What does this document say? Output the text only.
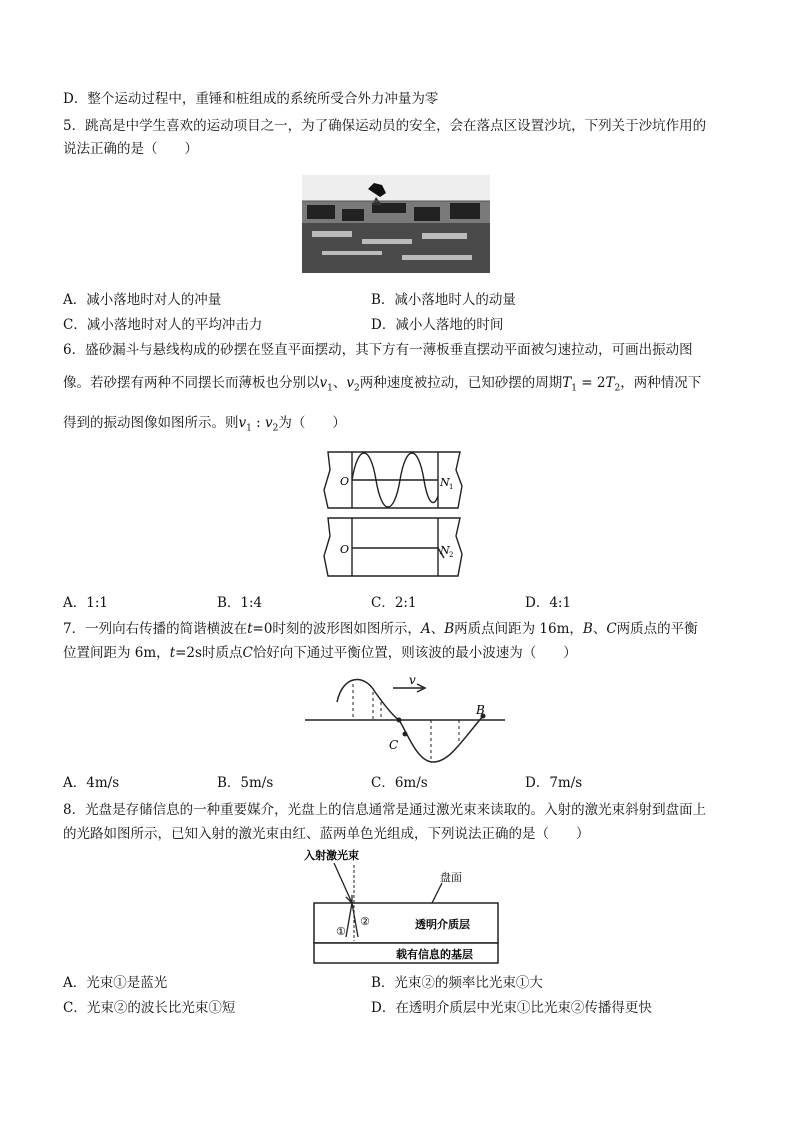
D．整个运动过程中，重锤和桩组成的系统所受合外力冲量为零
5．跳高是中学生喜欢的运动项目之一，为了确保运动员的安全，会在落点区设置沙坑，下列关于沙坑作用的
说法正确的是（　　）
A．减小落地时对人的冲量	B．减小落地时人的动量
C．减小落地时对人的平均冲击力	D．减小人落地的时间
6．盛砂漏斗与悬线构成的砂摆在竖直平面摆动，其下方有一薄板垂直摆动平面被匀速拉动，可画出振动图
像。若砂摆有两种不同摆长而薄板也分别以$v_1$、$v_2$两种速度被拉动，已知砂摆的周期$T_1 = 2T_2$，两种情况下
得到的振动图像如图所示。则$v_1$ : $v_2$为（　　）
O
O
N 1
N 2
A．1:1	B．1:4	C．2:1	D．4:1
7．一列向右传播的简谐横波在t=0时刻的波形图如图所示，A、B两质点间距为 16m，B、C两质点的平衡
位置间距为 6m，t=2s时质点C恰好向下通过平衡位置，则该波的最小波速为（　　）
v
B
C
A．4m/s	B．5m/s	C．6m/s	D．7m/s
8．光盘是存储信息的一种重要媒介，光盘上的信息通常是通过激光束来读取的。入射的激光束斜射到盘面上
的光路如图所示，已知入射的激光束由红、蓝两单色光组成，下列说法正确的是（　　）
入射激光束
盘面
透明介质层
载有信息的基层
①
②
A．光束①是蓝光	B．光束②的频率比光束①大
C．光束②的波长比光束①短	D．在透明介质层中光束①比光束②传播得更快
